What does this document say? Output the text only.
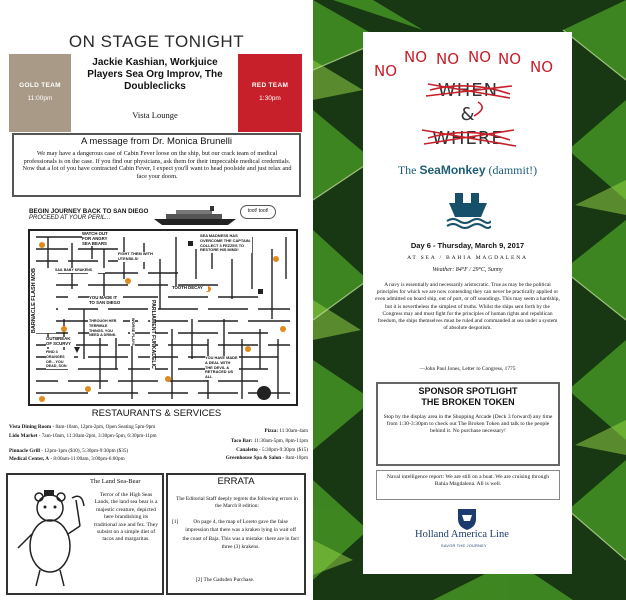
ON STAGE TONIGHT
GOLD TEAM
11:00pm
Jackie Kashian, Workjuice Players Sea Org Improv, The Doubleclicks
Vista Lounge
RED TEAM
1:30pm
A message from Dr. Monica Brunelli
We may have a dangerous case of Cabin Fever loose on the ship, but our crack team of medical professionals is on the case. If you find our physicians, ask them for their impeccable medical credentials. Now that a lot of you have contracted Cabin Fever, I expect you'll want to head poolside and just relax and face your doom.
BEGIN JOURNEY BACK TO SAN DIEGO
PROCEED AT YOUR PERIL...
toot! toot!
WATCH OUT FOR ANGRY SEA BEARS
FIGHT THEM WITH UTENSILS!
SEA MADNESS HAS OVERCOME THE CAPTAIN. COLLECT 3 FEZZES TO RESTORE HIS MIND!
BARNACLE FLASH MOB	SAIL BABY KRAKENS
TOOTH DECAY
YOU MADE IT TO SAN DIEGO
THROUGH HER TERRIBLE THINGS. YOU NEED A DRINK.
OUTBREAK OF SCURVY
FIND 3 ORANGES OR... YOU DEAD, SON
WORSE PLAYS	PARLIAMENT FUNKADELIC	YOU HAVE MADE A DEAL WITH THE DEVIL & RETRACED US ALL
RESTAURANTS & SERVICES
Vista Dining Room - 8am-10am, 12pm-2pm, Open Seating 5pm-9pm
Lido Market - 7am-10am, 11:30am-2pm, 3:30pm-5pm, 6:30pm-11pm
Pinnacle Grill - 12pm-1pm ($10), 5:30pm-9:30pm ($35)
Medical Center, A - 8:00am-11:00am, 3:00pm-6:00pm
Pizza: 11:30am-4am
Taco Bar: 11:30am-5pm, 8pm-11pm
Canaletto - 5:30pm-9:30pm ($15)
Greenhouse Spa & Salon - 8am-10pm
The Land Sea-Bear
Terror of the High Seas Lands, the land sea bear is a majestic creature, depicted here brandishing its traditional axe and fez. They subsist on a simple diet of tacos and margaritas.
ERRATA
The Editorial Staff deeply regrets the following errors in the March 8 edition:
[1]	On page 4, the map of Loreto gave the false impression that there was a kraken lying in wait off the coast of Baja. This was a mistake: there are in fact three (3) krakens.
[2] The Gadsden Purchase.
NO
NO NO NO NO NO
WHEN
&
WHERE
The SeaMonkey (dammit!)
Day 6 - Thursday, March 9, 2017
AT SEA / BAHIA MAGDALENA
Weather: 84°F / 29°C, Sunny
A navy is essentially and necessarily aristocratic. True as may be the political principles for which we are now contending they can never be practically applied or even admitted on board ship, out of port, or off soundings. This may seem a hardship, but it is nevertheless the simplest of truths. Whilst the ships sent forth by the Congress may and must fight for the principles of human rights and republican freedom, the ships themselves must be ruled and commanded at sea under a system of absolute despotism.
—John Paul Jones, Letter to Congress, 1775
SPONSOR SPOTLIGHT
THE BROKEN TOKEN
Stop by the display area in the Shopping Arcade (Deck 3 forward) any time from 1:30-3:30pm to check out The Broken Token and talk to the people behind it. No purchase necessary!
Naval intelligence report: We are still on a boat. We are cruising through Bahia Magdalena. All is well.
Holland America Line
SAVOR THE JOURNEY
